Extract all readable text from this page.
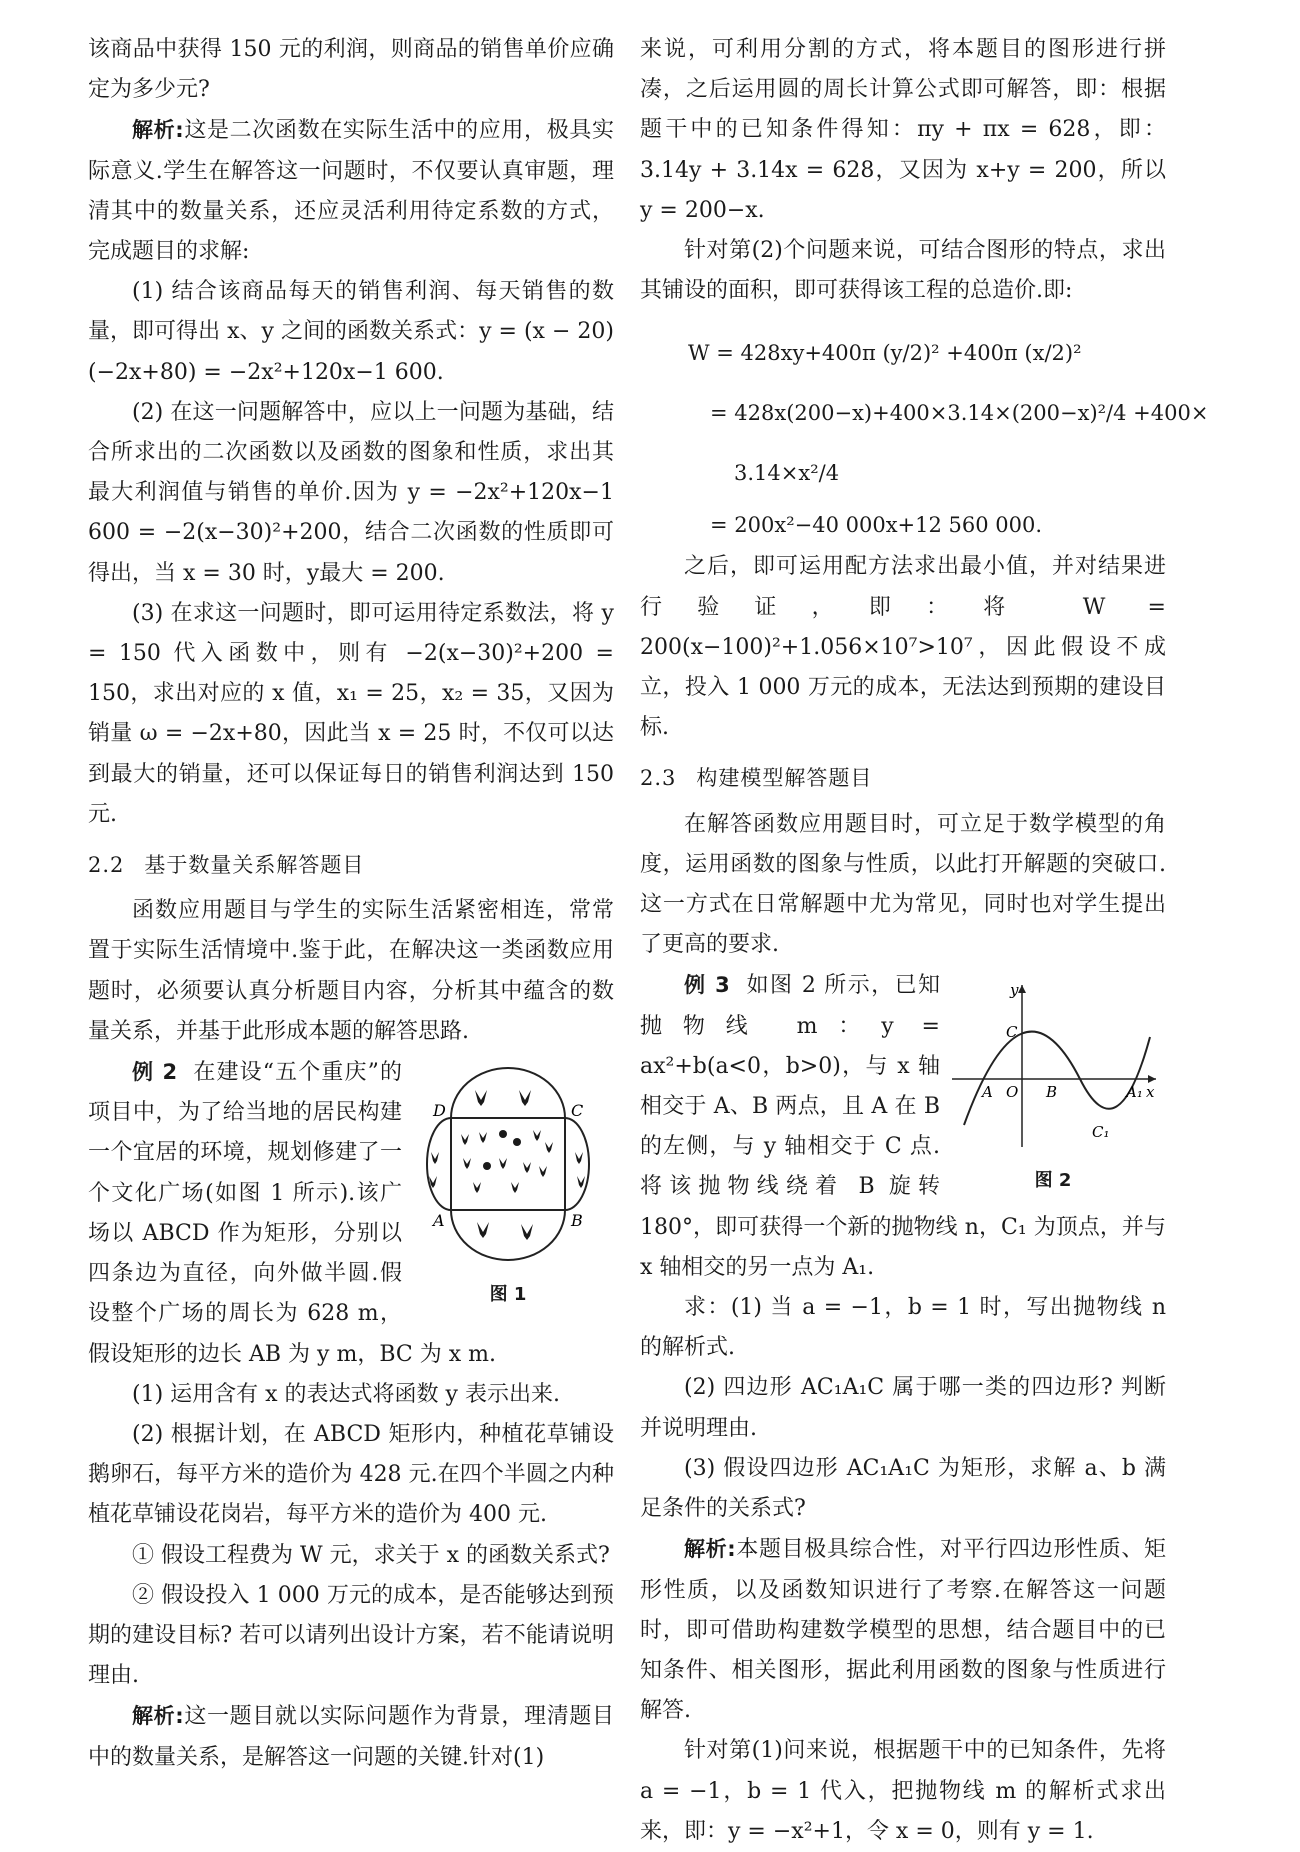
该商品中获得 150 元的利润，则商品的销售单价应确定为多少元?

解析:这是二次函数在实际生活中的应用，极具实际意义.学生在解答这一问题时，不仅要认真审题，理清其中的数量关系，还应灵活利用待定系数的方式，完成题目的求解:

(1) 结合该商品每天的销售利润、每天销售的数量，即可得出 x、y 之间的函数关系式：y = (x − 20)(−2x+80) = −2x²+120x−1 600.

(2) 在这一问题解答中，应以上一问题为基础，结合所求出的二次函数以及函数的图象和性质，求出其最大利润值与销售的单价.因为 y = −2x²+120x−1 600 = −2(x−30)²+200，结合二次函数的性质即可得出，当 x = 30 时，y最大 = 200.

(3) 在求这一问题时，即可运用待定系数法，将 y = 150 代入函数中，则有 −2(x−30)²+200 = 150，求出对应的 x 值，x₁ = 25，x₂ = 35，又因为销量 ω = −2x+80，因此当 x = 25 时，不仅可以达到最大的销量，还可以保证每日的销售利润达到 150 元.

2.2 基于数量关系解答题目

函数应用题目与学生的实际生活紧密相连，常常置于实际生活情境中.鉴于此，在解决这一类函数应用题时，必须要认真分析题目内容，分析其中蕴含的数量关系，并基于此形成本题的解答思路.

D	C
A	B
图 1

例 2 在建设“五个重庆”的项目中，为了给当地的居民构建一个宜居的环境，规划修建了一个文化广场(如图 1 所示).该广场以 ABCD 作为矩形，分别以四条边为直径，向外做半圆.假设整个广场的周长为 628 m，假设矩形的边长 AB 为 y m，BC 为 x m.

(1) 运用含有 x 的表达式将函数 y 表示出来.

(2) 根据计划，在 ABCD 矩形内，种植花草铺设鹅卵石，每平方米的造价为 428 元.在四个半圆之内种植花草铺设花岗岩，每平方米的造价为 400 元.

① 假设工程费为 W 元，求关于 x 的函数关系式?

② 假设投入 1 000 万元的成本，是否能够达到预期的建设目标? 若可以请列出设计方案，若不能请说明理由.

解析:这一题目就以实际问题作为背景，理清题目中的数量关系，是解答这一问题的关键.针对(1)

来说，可利用分割的方式，将本题目的图形进行拼凑，之后运用圆的周长计算公式即可解答，即：根据题干中的已知条件得知：πy + πx = 628，即：3.14y + 3.14x = 628，又因为 x+y = 200，所以 y = 200−x.

针对第(2)个问题来说，可结合图形的特点，求出其铺设的面积，即可获得该工程的总造价.即:

W = 428xy+400π (y/2)² +400π (x/2)²
= 428x(200−x)+400×3.14×(200−x)²/4 +400×
3.14×x²/4
= 200x²−40 000x+12 560 000.

之后，即可运用配方法求出最小值，并对结果进行验证，即：将 W = 200(x−100)²+1.056×10⁷>10⁷，因此假设不成立，投入 1 000 万元的成本，无法达到预期的建设目标.

2.3 构建模型解答题目

在解答函数应用题目时，可立足于数学模型的角度，运用函数的图象与性质，以此打开解题的突破口.这一方式在日常解题中尤为常见，同时也对学生提出了更高的要求.

y
C
A O B	A₁ x
C₁
图 2

例 3 如图 2 所示，已知抛物线 m：y = ax²+b(a<0，b>0)，与 x 轴相交于 A、B 两点，且 A 在 B 的左侧，与 y 轴相交于 C 点.将该抛物线绕着 B 旋转 180°，即可获得一个新的抛物线 n，C₁ 为顶点，并与 x 轴相交的另一点为 A₁.

求：(1) 当 a = −1，b = 1 时，写出抛物线 n 的解析式.

(2) 四边形 AC₁A₁C 属于哪一类的四边形? 判断并说明理由.

(3) 假设四边形 AC₁A₁C 为矩形，求解 a、b 满足条件的关系式?

解析:本题目极具综合性，对平行四边形性质、矩形性质，以及函数知识进行了考察.在解答这一问题时，即可借助构建数学模型的思想，结合题目中的已知条件、相关图形，据此利用函数的图象与性质进行解答.

针对第(1)问来说，根据题干中的已知条件，先将 a = −1，b = 1 代入，把抛物线 m 的解析式求出来，即：y = −x²+1，令 x = 0，则有 y = 1.
